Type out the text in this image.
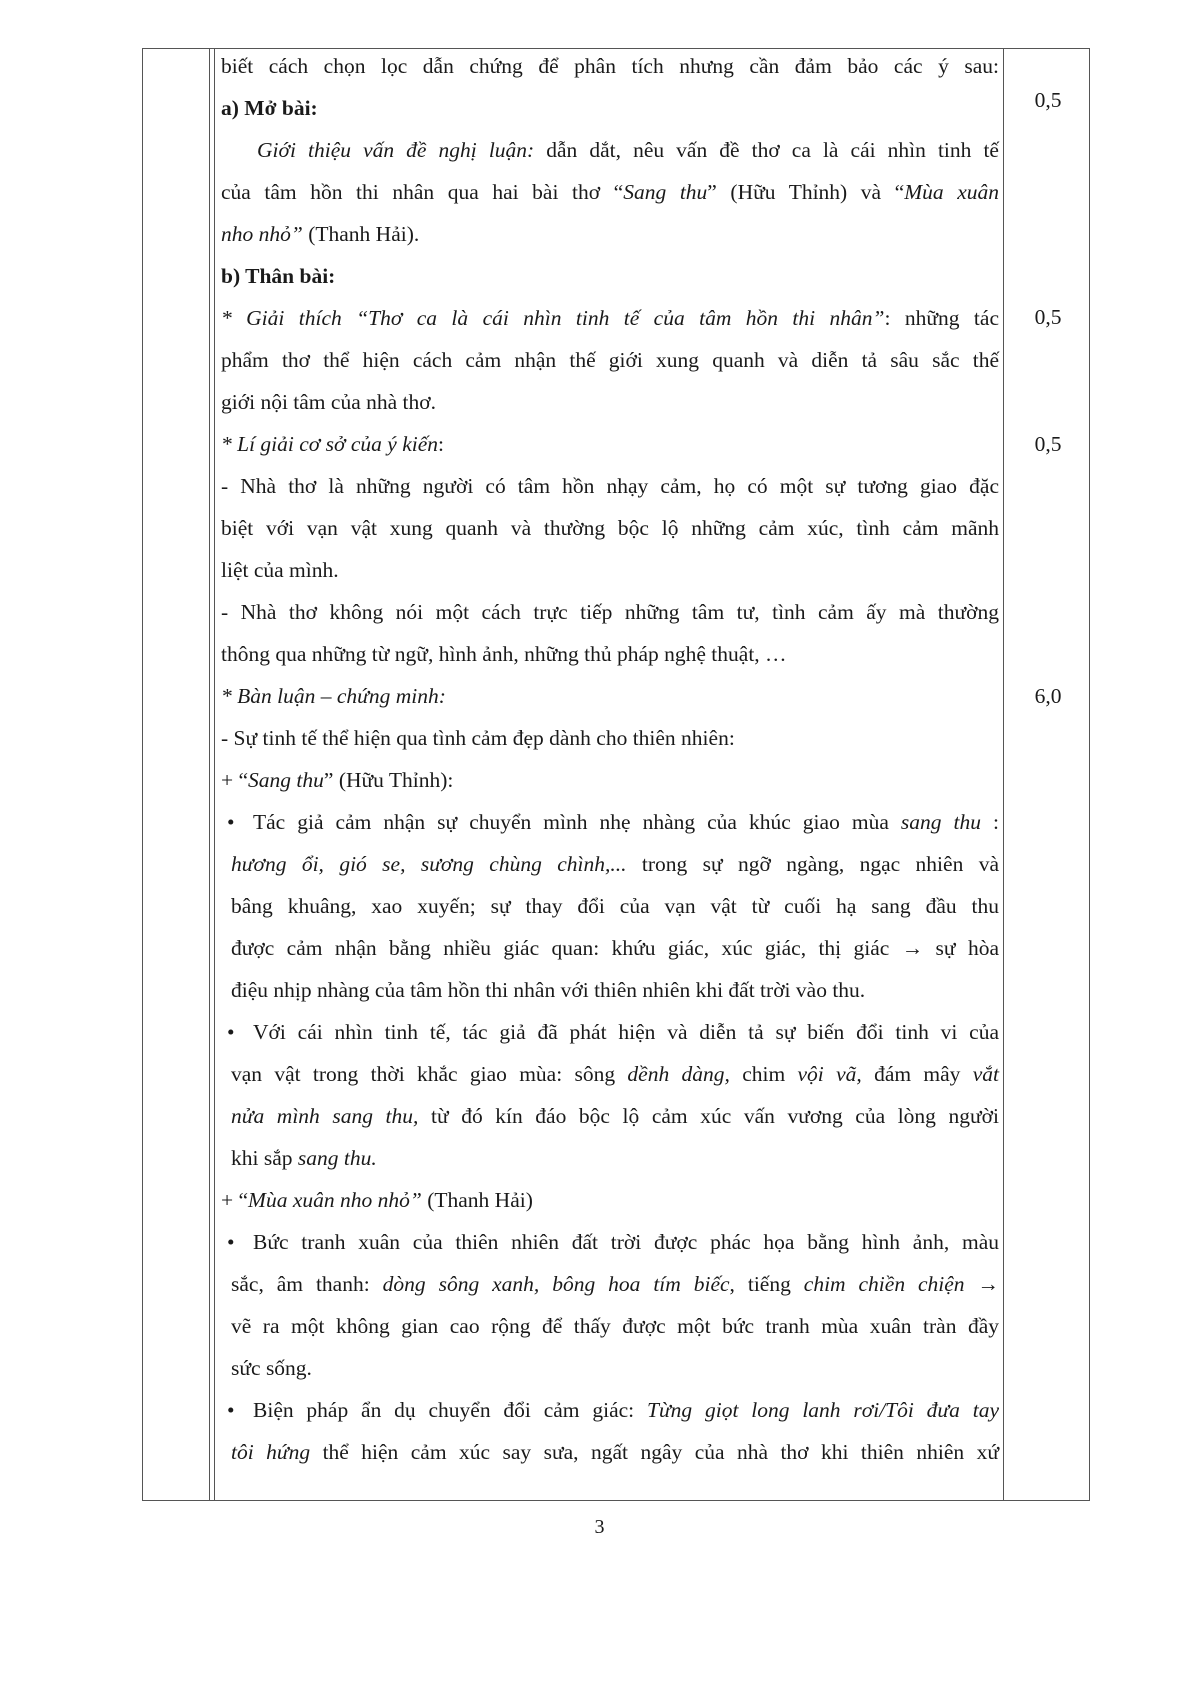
biết cách chọn lọc dẫn chứng để phân tích nhưng cần đảm bảo các ý sau:
a) Mở bài:
Giới thiệu vấn đề nghị luận: dẫn dắt, nêu vấn đề thơ ca là cái nhìn tinh tế
của tâm hồn thi nhân qua hai bài thơ “Sang thu” (Hữu Thỉnh) và “Mùa xuân
nho nhỏ” (Thanh Hải).
b) Thân bài:
* Giải thích “Thơ ca là cái nhìn tinh tế của tâm hồn thi nhân”: những tác
phẩm thơ thể hiện cách cảm nhận thế giới xung quanh và diễn tả sâu sắc thế
giới nội tâm của nhà thơ.
* Lí giải cơ sở của ý kiến:
- Nhà thơ là những người có tâm hồn nhạy cảm, họ có một sự tương giao đặc
biệt với vạn vật xung quanh và thường bộc lộ những cảm xúc, tình cảm mãnh
liệt của mình.
- Nhà thơ không nói một cách trực tiếp những tâm tư, tình cảm ấy mà thường
thông qua những từ ngữ, hình ảnh, những thủ pháp nghệ thuật, …
* Bàn luận – chứng minh:
- Sự tinh tế thể hiện qua tình cảm đẹp dành cho thiên nhiên:
+ “Sang thu” (Hữu Thỉnh):
• Tác giả cảm nhận sự chuyển mình nhẹ nhàng của khúc giao mùa sang thu :
hương ổi, gió se, sương chùng chình,... trong sự ngỡ ngàng, ngạc nhiên và
bâng khuâng, xao xuyến; sự thay đổi của vạn vật từ cuối hạ sang đầu thu
được cảm nhận bằng nhiều giác quan: khứu giác, xúc giác, thị giác → sự hòa
điệu nhịp nhàng của tâm hồn thi nhân với thiên nhiên khi đất trời vào thu.
• Với cái nhìn tinh tế, tác giả đã phát hiện và diễn tả sự biến đổi tinh vi của
vạn vật trong thời khắc giao mùa: sông dềnh dàng, chim vội vã, đám mây vắt
nửa mình sang thu, từ đó kín đáo bộc lộ cảm xúc vấn vương của lòng người
khi sắp sang thu.
+ “Mùa xuân nho nhỏ” (Thanh Hải)
• Bức tranh xuân của thiên nhiên đất trời được phác họa bằng hình ảnh, màu
sắc, âm thanh: dòng sông xanh, bông hoa tím biếc, tiếng chim chiền chiện →
vẽ ra một không gian cao rộng để thấy được một bức tranh mùa xuân tràn đầy
sức sống.
• Biện pháp ẩn dụ chuyển đổi cảm giác: Từng giọt long lanh rơi/Tôi đưa tay
tôi hứng thể hiện cảm xúc say sưa, ngất ngây của nhà thơ khi thiên nhiên xứ
0,5
0,5
0,5
6,0
3
